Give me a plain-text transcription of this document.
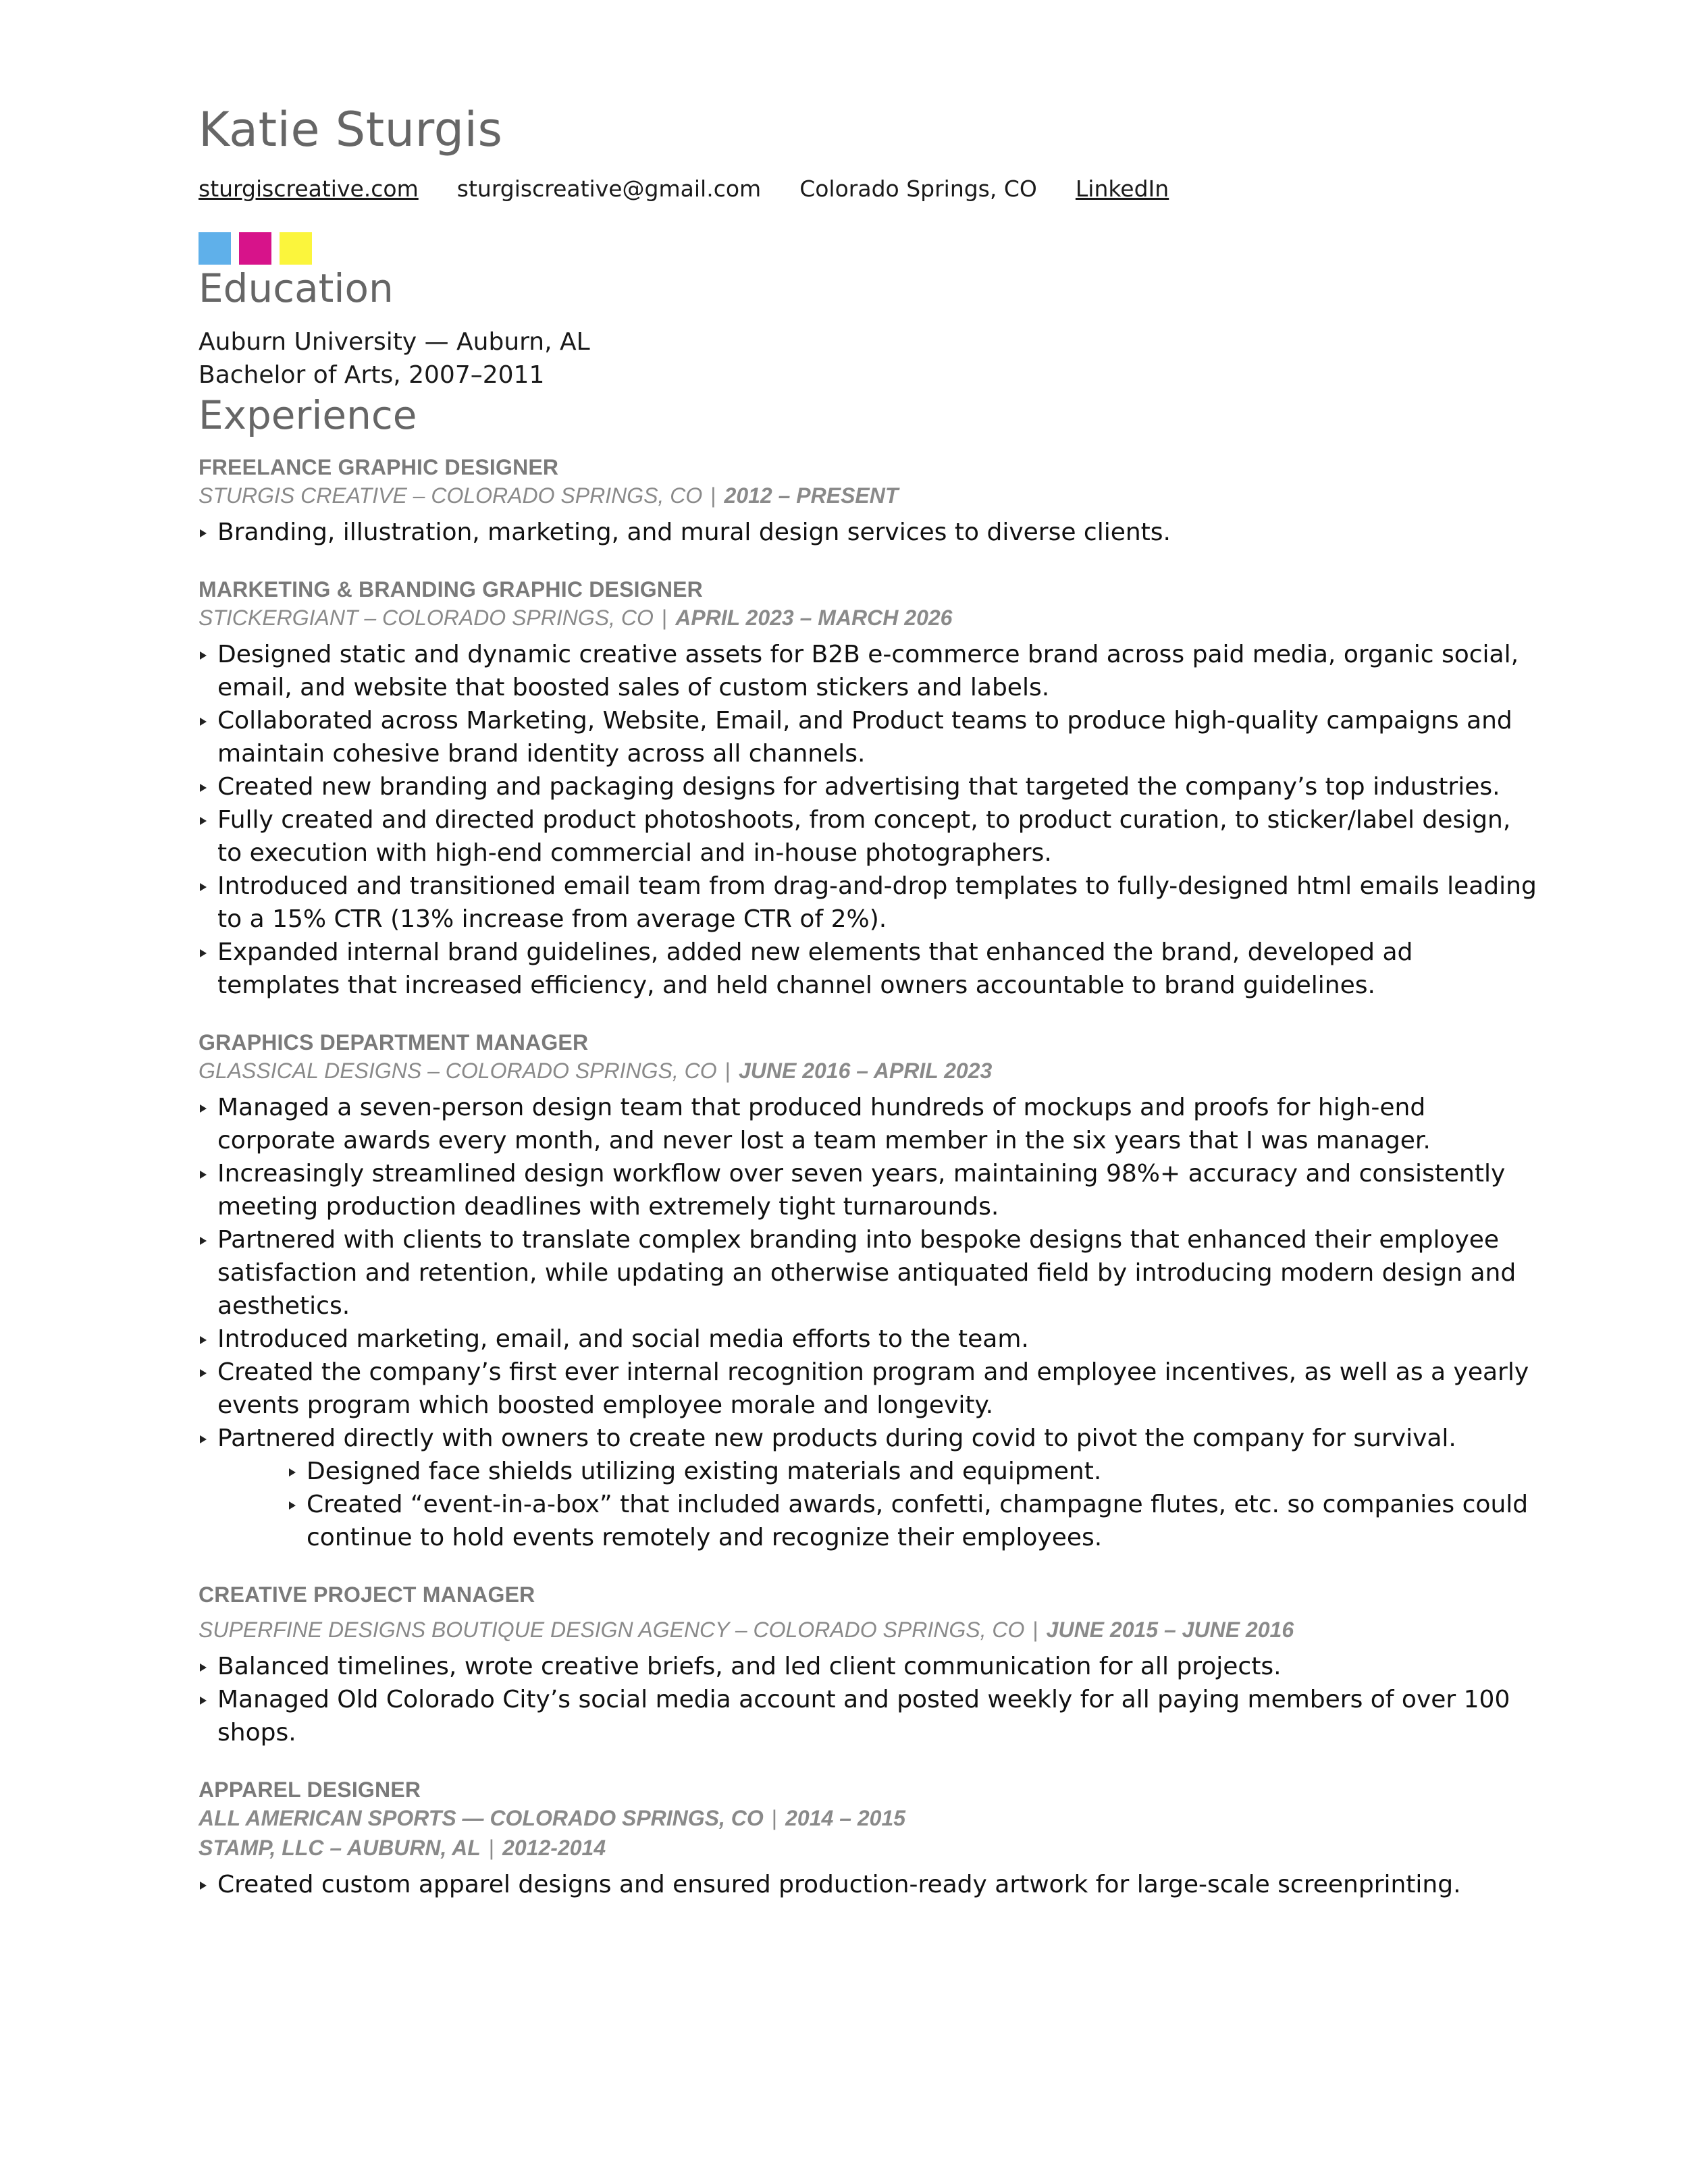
Katie Sturgis
sturgiscreative.com sturgiscreative@gmail.com Colorado Springs, CO LinkedIn
Education
Auburn University — Auburn, AL
Bachelor of Arts, 2007–2011
Experience
FREELANCE GRAPHIC DESIGNER
STURGIS CREATIVE – COLORADO SPRINGS, CO | 2012 – PRESENT
Branding, illustration, marketing, and mural design services to diverse clients.
MARKETING & BRANDING GRAPHIC DESIGNER
STICKERGIANT – COLORADO SPRINGS, CO | APRIL 2023 – MARCH 2026
Designed static and dynamic creative assets for B2B e-commerce brand across paid media, organic social, email, and website that boosted sales of custom stickers and labels.
Collaborated across Marketing, Website, Email, and Product teams to produce high-quality campaigns and maintain cohesive brand identity across all channels.
Created new branding and packaging designs for advertising that targeted the company’s top industries.
Fully created and directed product photoshoots, from concept, to product curation, to sticker/label design, to execution with high-end commercial and in-house photographers.
Introduced and transitioned email team from drag-and-drop templates to fully-designed html emails leading to a 15% CTR (13% increase from average CTR of 2%).
Expanded internal brand guidelines, added new elements that enhanced the brand, developed ad templates that increased efficiency, and held channel owners accountable to brand guidelines.
GRAPHICS DEPARTMENT MANAGER
GLASSICAL DESIGNS – COLORADO SPRINGS, CO | JUNE 2016 – APRIL 2023
Managed a seven-person design team that produced hundreds of mockups and proofs for high-end corporate awards every month, and never lost a team member in the six years that I was manager.
Increasingly streamlined design workflow over seven years, maintaining 98%+ accuracy and consistently meeting production deadlines with extremely tight turnarounds.
Partnered with clients to translate complex branding into bespoke designs that enhanced their employee satisfaction and retention, while updating an otherwise antiquated field by introducing modern design and aesthetics.
Introduced marketing, email, and social media efforts to the team.
Created the company’s first ever internal recognition program and employee incentives, as well as a yearly events program which boosted employee morale and longevity.
Partnered directly with owners to create new products during covid to pivot the company for survival.
Designed face shields utilizing existing materials and equipment.
Created “event-in-a-box” that included awards, confetti, champagne flutes, etc. so companies could continue to hold events remotely and recognize their employees.
CREATIVE PROJECT MANAGER
SUPERFINE DESIGNS BOUTIQUE DESIGN AGENCY – COLORADO SPRINGS, CO | JUNE 2015 – JUNE 2016
Balanced timelines, wrote creative briefs, and led client communication for all projects.
Managed Old Colorado City’s social media account and posted weekly for all paying members of over 100 shops.
APPAREL DESIGNER
ALL AMERICAN SPORTS — COLORADO SPRINGS, CO | 2014 – 2015
STAMP, LLC – AUBURN, AL | 2012-2014
Created custom apparel designs and ensured production-ready artwork for large-scale screenprinting.
